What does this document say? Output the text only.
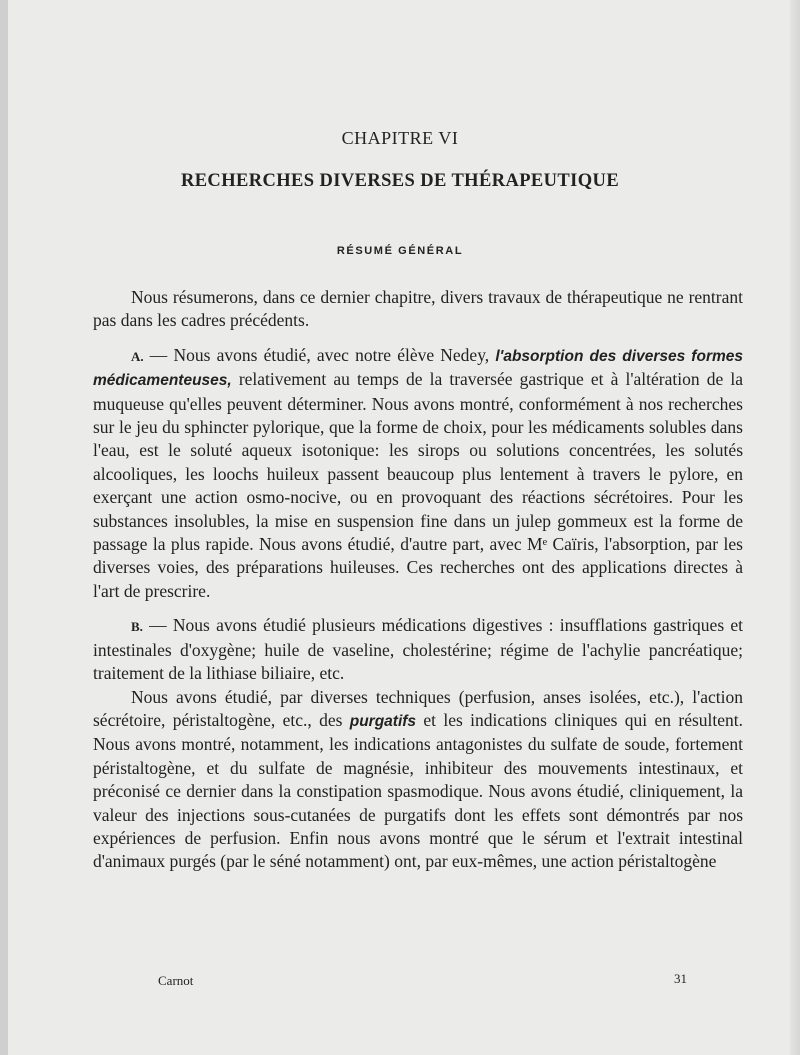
CHAPITRE VI
RECHERCHES DIVERSES DE THÉRAPEUTIQUE
RÉSUMÉ GÉNÉRAL

Nous résumerons, dans ce dernier chapitre, divers travaux de thérapeutique ne rentrant pas dans les cadres précédents.

A. — Nous avons étudié, avec notre élève Nedey, l'absorption des diverses formes médicamenteuses, relativement au temps de la traversée gastrique et à l'altération de la muqueuse qu'elles peuvent déterminer. Nous avons montré, conformément à nos recherches sur le jeu du sphincter pylorique, que la forme de choix, pour les médicaments solubles dans l'eau, est le soluté aqueux isotonique: les sirops ou solutions concentrées, les solutés alcooliques, les loochs huileux passent beaucoup plus lentement à travers le pylore, en exerçant une action osmo-nocive, ou en provoquant des réactions sécrétoires. Pour les substances insolubles, la mise en suspension fine dans un julep gommeux est la forme de passage la plus rapide. Nous avons étudié, d'autre part, avec Mᵉ Caïris, l'absorption, par les diverses voies, des préparations huileuses. Ces recherches ont des applications directes à l'art de prescrire.

B. — Nous avons étudié plusieurs médications digestives : insufflations gastriques et intestinales d'oxygène; huile de vaseline, cholestérine; régime de l'achylie pancréatique; traitement de la lithiase biliaire, etc.

Nous avons étudié, par diverses techniques (perfusion, anses isolées, etc.), l'action sécrétoire, péristaltogène, etc., des purgatifs et les indications cliniques qui en résultent. Nous avons montré, notamment, les indications antagonistes du sulfate de soude, fortement péristaltogène, et du sulfate de magnésie, inhibiteur des mouvements intestinaux, et préconisé ce dernier dans la constipation spasmodique. Nous avons étudié, cliniquement, la valeur des injections sous-cutanées de purgatifs dont les effets sont démontrés par nos expériences de perfusion. Enfin nous avons montré que le sérum et l'extrait intestinal d'animaux purgés (par le séné notamment) ont, par eux-mêmes, une action péristaltogène

Carnot	31
